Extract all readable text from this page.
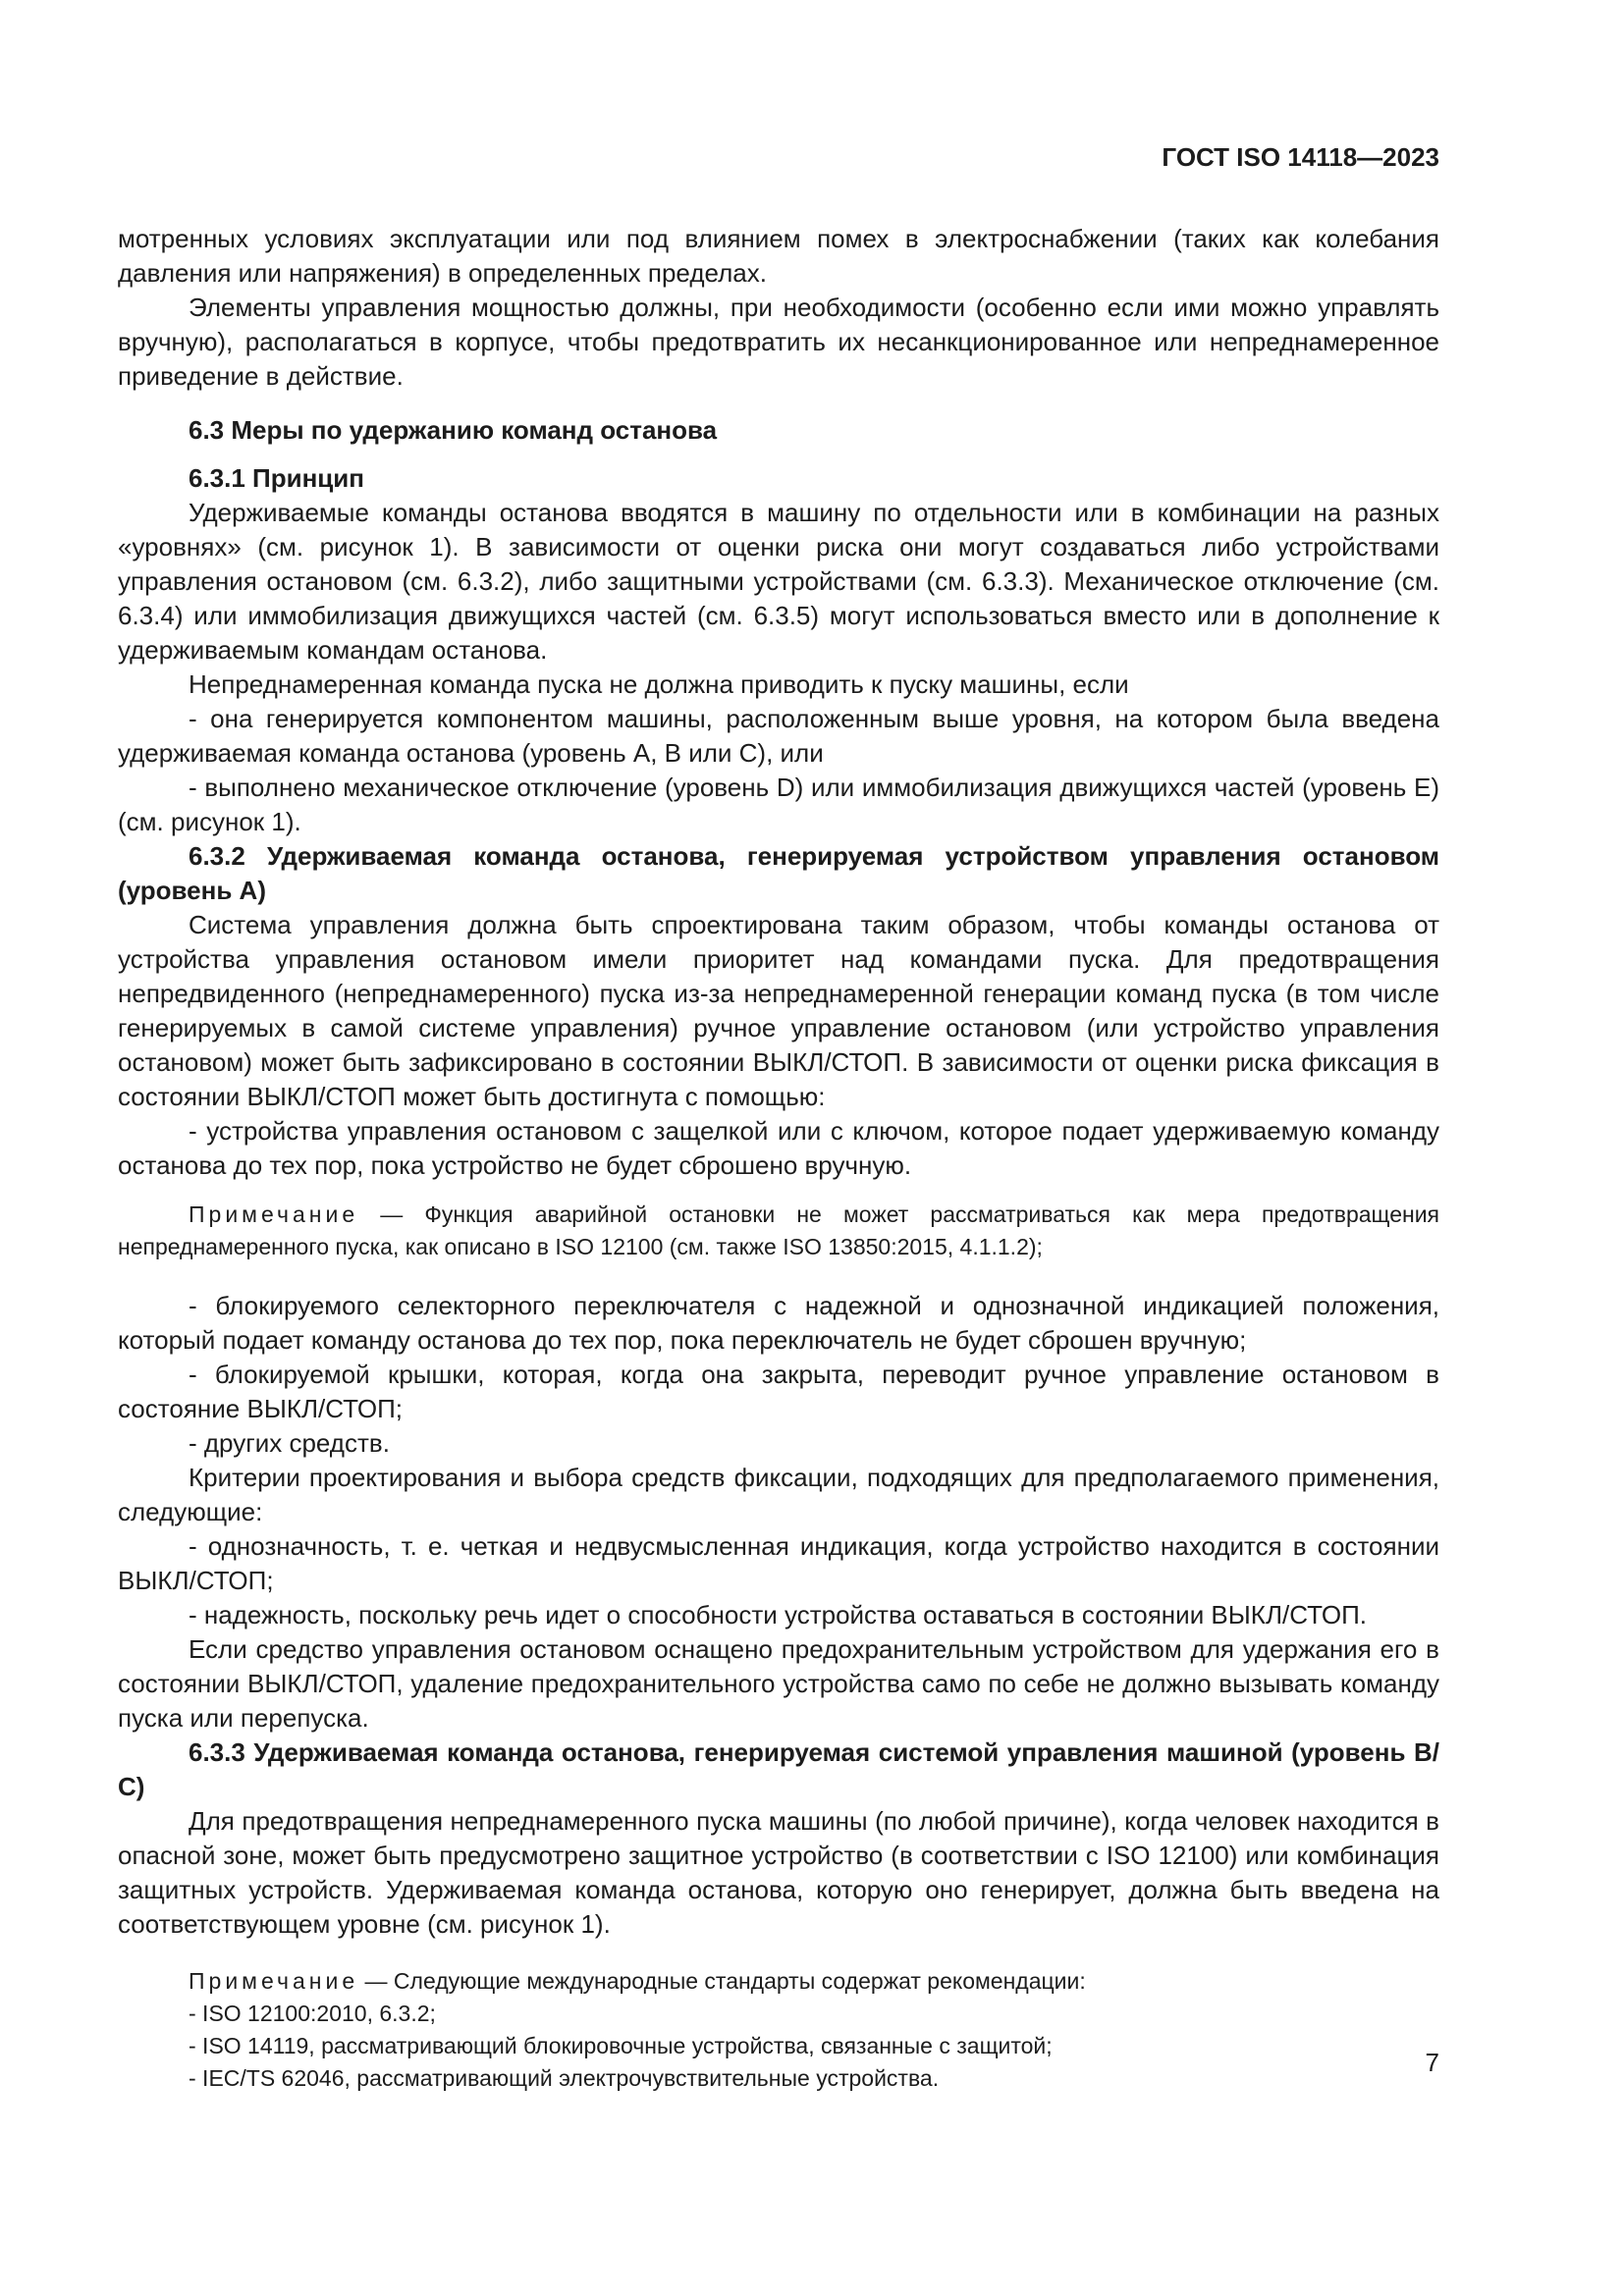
ГОСТ ISO 14118—2023

мотренных условиях эксплуатации или под влиянием помех в электроснабжении (таких как колебания давления или напряжения) в определенных пределах.

Элементы управления мощностью должны, при необходимости (особенно если ими можно управлять вручную), располагаться в корпусе, чтобы предотвратить их несанкционированное или непреднамеренное приведение в действие.

6.3 Меры по удержанию команд останова

6.3.1 Принцип

Удерживаемые команды останова вводятся в машину по отдельности или в комбинации на разных «уровнях» (см. рисунок 1). В зависимости от оценки риска они могут создаваться либо устройствами управления остановом (см. 6.3.2), либо защитными устройствами (см. 6.3.3). Механическое отключение (см. 6.3.4) или иммобилизация движущихся частей (см. 6.3.5) могут использоваться вместо или в дополнение к удерживаемым командам останова.

Непреднамеренная команда пуска не должна приводить к пуску машины, если

- она генерируется компонентом машины, расположенным выше уровня, на котором была введена удерживаемая команда останова (уровень А, В или С), или

- выполнено механическое отключение (уровень D) или иммобилизация движущихся частей (уровень Е) (см. рисунок 1).

6.3.2 Удерживаемая команда останова, генерируемая устройством управления остановом (уровень А)

Система управления должна быть спроектирована таким образом, чтобы команды останова от устройства управления остановом имели приоритет над командами пуска. Для предотвращения непредвиденного (непреднамеренного) пуска из-за непреднамеренной генерации команд пуска (в том числе генерируемых в самой системе управления) ручное управление остановом (или устройство управления остановом) может быть зафиксировано в состоянии ВЫКЛ/СТОП. В зависимости от оценки риска фиксация в состоянии ВЫКЛ/СТОП может быть достигнута с помощью:

- устройства управления остановом с защелкой или с ключом, которое подает удерживаемую команду останова до тех пор, пока устройство не будет сброшено вручную.

Примечание — Функция аварийной остановки не может рассматриваться как мера предотвращения непреднамеренного пуска, как описано в ISO 12100 (см. также ISO 13850:2015, 4.1.1.2);

- блокируемого селекторного переключателя с надежной и однозначной индикацией положения, который подает команду останова до тех пор, пока переключатель не будет сброшен вручную;

- блокируемой крышки, которая, когда она закрыта, переводит ручное управление остановом в состояние ВЫКЛ/СТОП;

- других средств.

Критерии проектирования и выбора средств фиксации, подходящих для предполагаемого применения, следующие:

- однозначность, т. е. четкая и недвусмысленная индикация, когда устройство находится в состоянии ВЫКЛ/СТОП;

- надежность, поскольку речь идет о способности устройства оставаться в состоянии ВЫКЛ/СТОП.

Если средство управления остановом оснащено предохранительным устройством для удержания его в состоянии ВЫКЛ/СТОП, удаление предохранительного устройства само по себе не должно вызывать команду пуска или перепуска.

6.3.3 Удерживаемая команда останова, генерируемая системой управления машиной (уровень В/С)

Для предотвращения непреднамеренного пуска машины (по любой причине), когда человек находится в опасной зоне, может быть предусмотрено защитное устройство (в соответствии с ISO 12100) или комбинация защитных устройств. Удерживаемая команда останова, которую оно генерирует, должна быть введена на соответствующем уровне (см. рисунок 1).

Примечание — Следующие международные стандарты содержат рекомендации:

- ISO 12100:2010, 6.3.2;

- ISO 14119, рассматривающий блокировочные устройства, связанные с защитой;

- IEC/TS 62046, рассматривающий электрочувствительные устройства.

7
